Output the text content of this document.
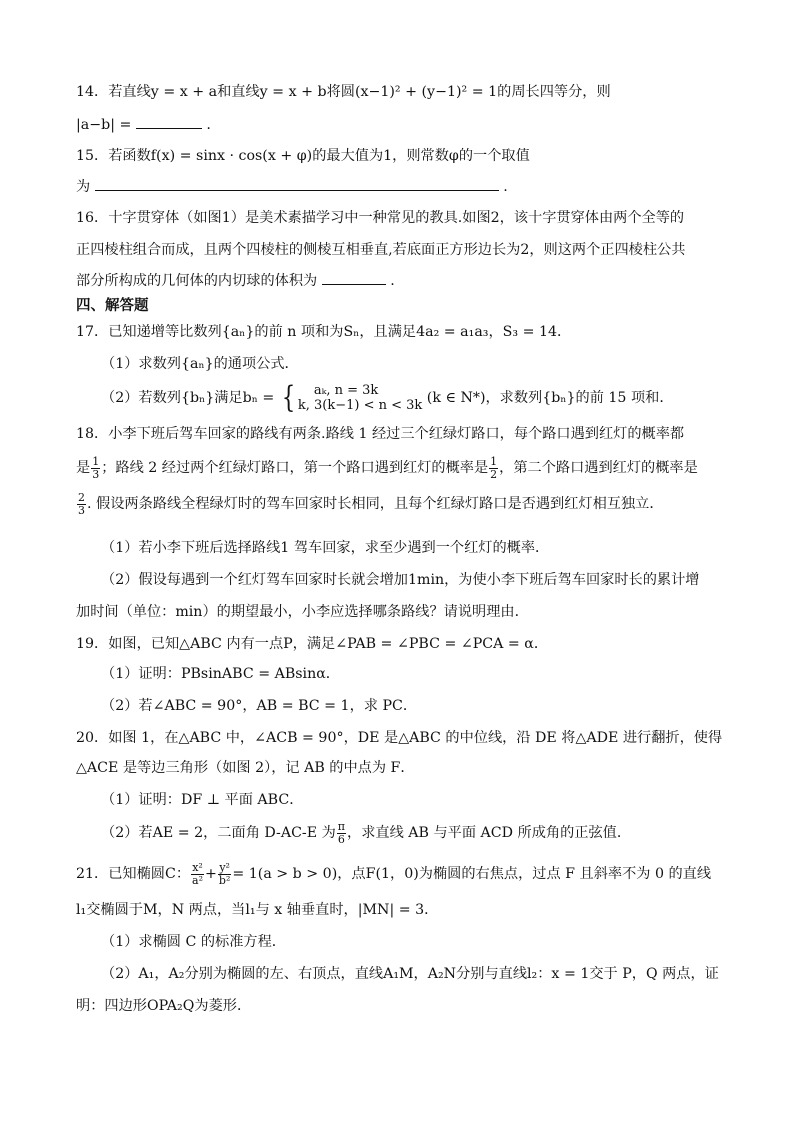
14．若直线y = x + a和直线y = x + b将圆(x−1)² + (y−1)² = 1的周长四等分，则
|a−b| =	.
15．若函数f(x) = sinx · cos(x + φ)的最大值为1，则常数φ的一个取值
为	.
16．十字贯穿体（如图1）是美术素描学习中一种常见的教具.如图2，该十字贯穿体由两个全等的
正四棱柱组合而成，且两个四棱柱的侧棱互相垂直,若底面正方形边长为2，则这两个正四棱柱公共
部分所构成的几何体的内切球的体积为	.
四、解答题
17．已知递增等比数列{aₙ}的前 n 项和为Sₙ，且满足4a₂ = a₁a₃，S₃ = 14．
（1）求数列{aₙ}的通项公式．
（2）若数列{bₙ}满足bₙ = {	aₖ, n = 3k
k, 3(k−1) < n < 3k (k ∈ N*)，求数列{bₙ}的前 15 项和．
18．小李下班后驾车回家的路线有两条.路线 1 经过三个红绿灯路口，每个路口遇到红灯的概率都
是 $\frac{1}{3}$ ；路线 2 经过两个红绿灯路口，第一个路口遇到红灯的概率是 $\frac{1}{2}$ ，第二个路口遇到红灯的概率是
$\frac{2}{3}$ . 假设两条路线全程绿灯时的驾车回家时长相同，且每个红绿灯路口是否遇到红灯相互独立．
（1）若小李下班后选择路线1 驾车回家，求至少遇到一个红灯的概率．
（2）假设每遇到一个红灯驾车回家时长就会增加1min，为使小李下班后驾车回家时长的累计增
加时间（单位：min）的期望最小，小李应选择哪条路线？请说明理由．
19．如图，已知△ABC 内有一点P，满足∠PAB = ∠PBC = ∠PCA = α．
（1）证明：PBsinABC = ABsinα．
（2）若∠ABC = 90°，AB = BC = 1，求 PC．
20．如图 1，在△ABC 中，∠ACB = 90°，DE 是△ABC 的中位线，沿 DE 将△ADE 进行翻折，使得
△ACE 是等边三角形（如图 2），记 AB 的中点为 F．
（1）证明：DF ⊥ 平面 ABC．
（2）若AE = 2，二面角 D-AC-E 为 $\frac{\pi}{6}$ ，求直线 AB 与平面 ACD 所成角的正弦值．
21．已知椭圆C： $\frac{\text{x²}}{\text{a²}} + \frac{\text{y²}}{\text{b²}} = 1(a > b > 0)$，点F(1，0)为椭圆的右焦点，过点 F 且斜率不为 0 的直线
l₁交椭圆于M，N 两点，当l₁与 x 轴垂直时，|MN| = 3．
（1）求椭圆 C 的标准方程．
（2）A₁，A₂分别为椭圆的左、右顶点，直线A₁M，A₂N分别与直线l₂：x = 1交于 P，Q 两点，证
明：四边形OPA₂Q为菱形．
